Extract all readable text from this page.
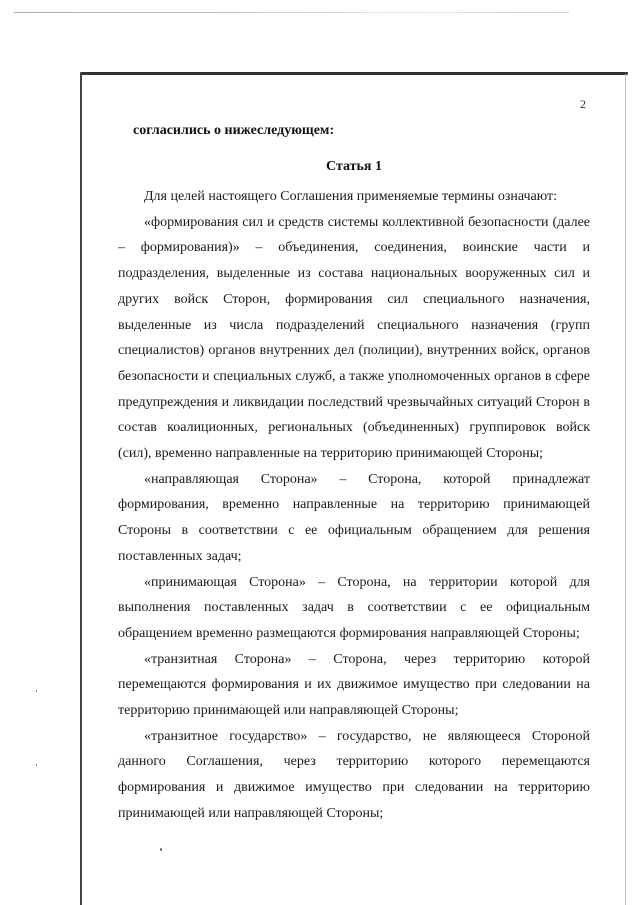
2
согласились о нижеследующем:
Статья 1

Для целей настоящего Соглашения применяемые термины означают:

«формирования сил и средств системы коллективной безопасности (далее – формирования)» – объединения, соединения, воинские части и подразделения, выделенные из состава национальных вооруженных сил и других войск Сторон, формирования сил специального назначения, выделенные из числа подразделений специального назначения (групп специалистов) органов внутренних дел (полиции), внутренних войск, органов безопасности и специальных служб, а также уполномоченных органов в сфере предупреждения и ликвидации последствий чрезвычайных ситуаций Сторон в состав коалиционных, региональных (объединенных) группировок войск (сил), временно направленные на территорию принимающей Стороны;

«направляющая Сторона» – Сторона, которой принадлежат формирования, временно направленные на территорию принимающей Стороны в соответствии с ее официальным обращением для решения поставленных задач;

«принимающая Сторона» – Сторона, на территории которой для выполнения поставленных задач в соответствии с ее официальным обращением временно размещаются формирования направляющей Стороны;

«транзитная Сторона» – Сторона, через территорию которой перемещаются формирования и их движимое имущество при следовании на территорию принимающей или направляющей Стороны;

«транзитное государство» – государство, не являющееся Стороной данного Соглашения, через территорию которого перемещаются формирования и движимое имущество при следовании на территорию принимающей или направляющей Стороны;
